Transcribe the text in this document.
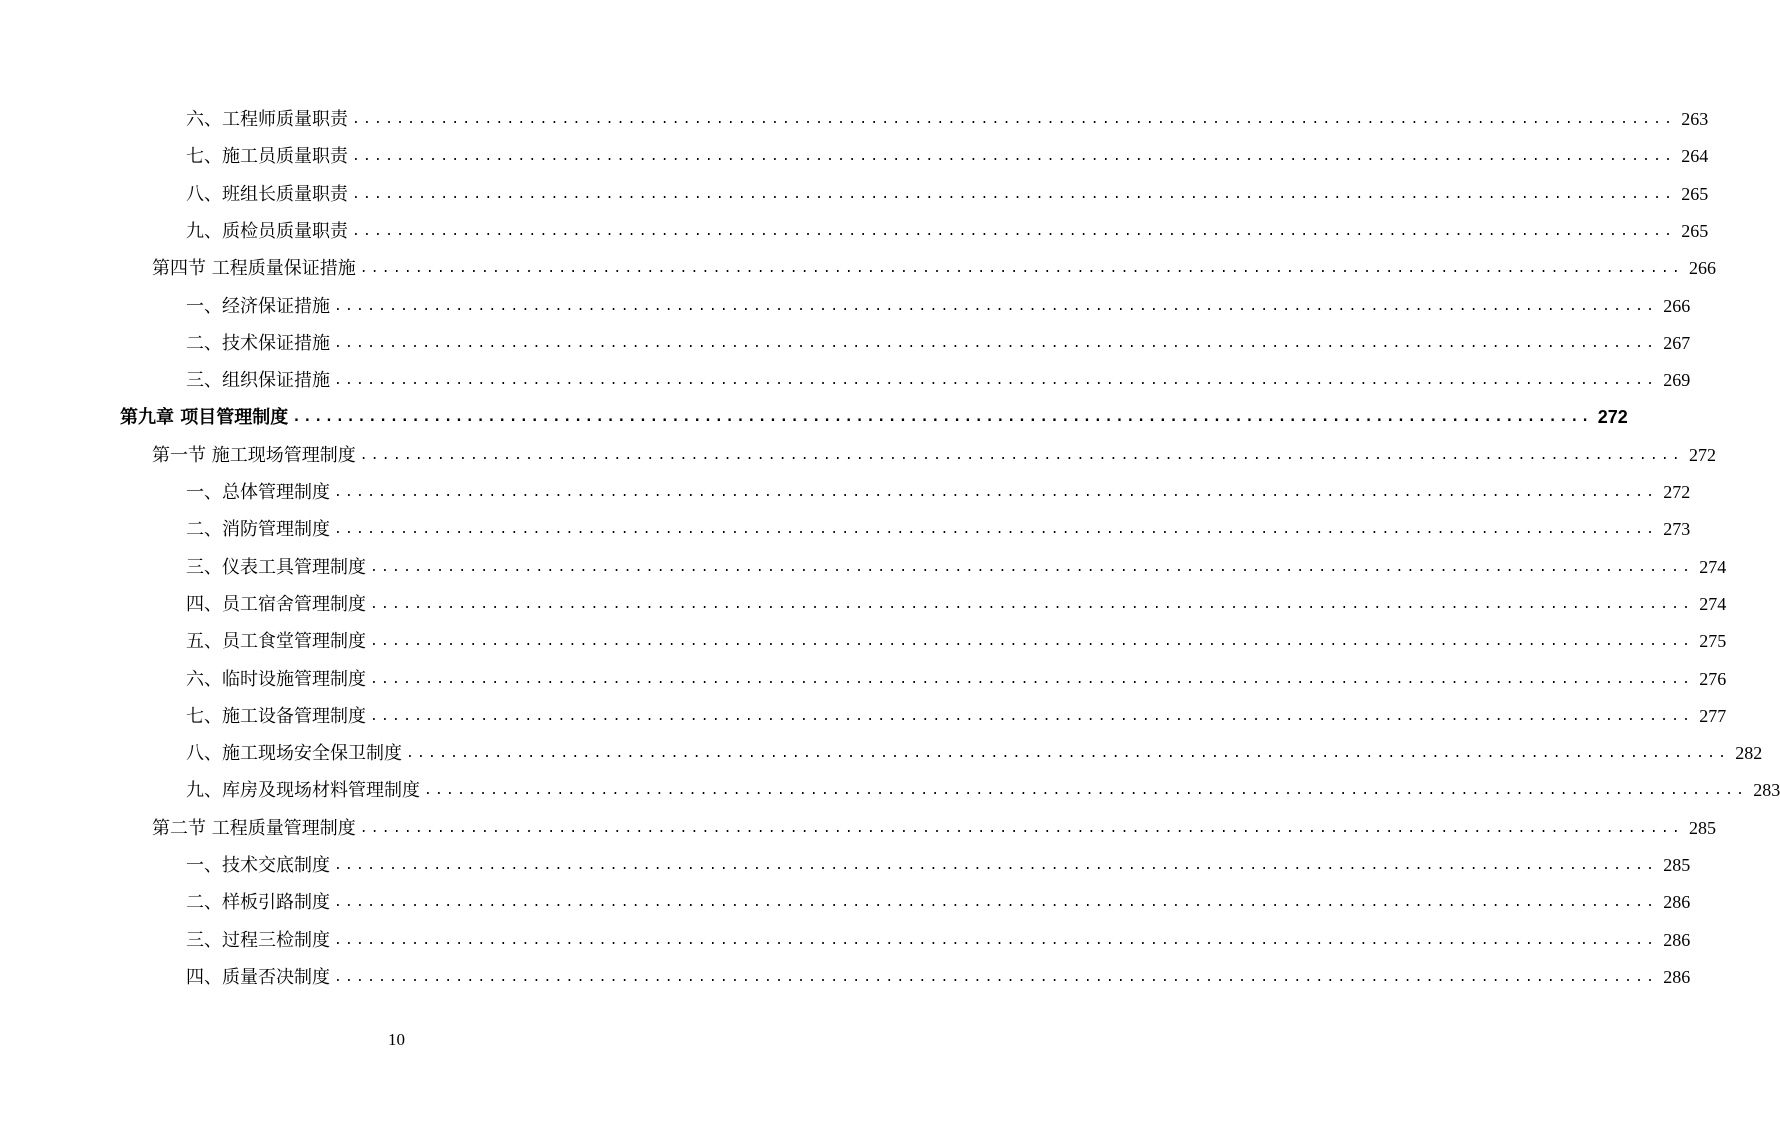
六、工程师质量职责 ........................................................................................................................ 263
七、施工员质量职责 ........................................................................................................................ 264
八、班组长质量职责 ........................................................................................................................ 265
九、质检员质量职责 ........................................................................................................................ 265
第四节 工程质量保证措施 ........................................................................................................................ 266
一、经济保证措施 ........................................................................................................................ 266
二、技术保证措施 ........................................................................................................................ 267
三、组织保证措施 ........................................................................................................................ 269
第九章 项目管理制度 ........................................................................................................................ 272
第一节 施工现场管理制度 ........................................................................................................................ 272
一、总体管理制度 ........................................................................................................................ 272
二、消防管理制度 ........................................................................................................................ 273
三、仪表工具管理制度 ........................................................................................................................ 274
四、员工宿舍管理制度 ........................................................................................................................ 274
五、员工食堂管理制度 ........................................................................................................................ 275
六、临时设施管理制度 ........................................................................................................................ 276
七、施工设备管理制度 ........................................................................................................................ 277
八、施工现场安全保卫制度 ........................................................................................................................ 282
九、库房及现场材料管理制度 ........................................................................................................................ 283
第二节 工程质量管理制度 ........................................................................................................................ 285
一、技术交底制度 ........................................................................................................................ 285
二、样板引路制度 ........................................................................................................................ 286
三、过程三检制度 ........................................................................................................................ 286
四、质量否决制度 ........................................................................................................................ 286
10
